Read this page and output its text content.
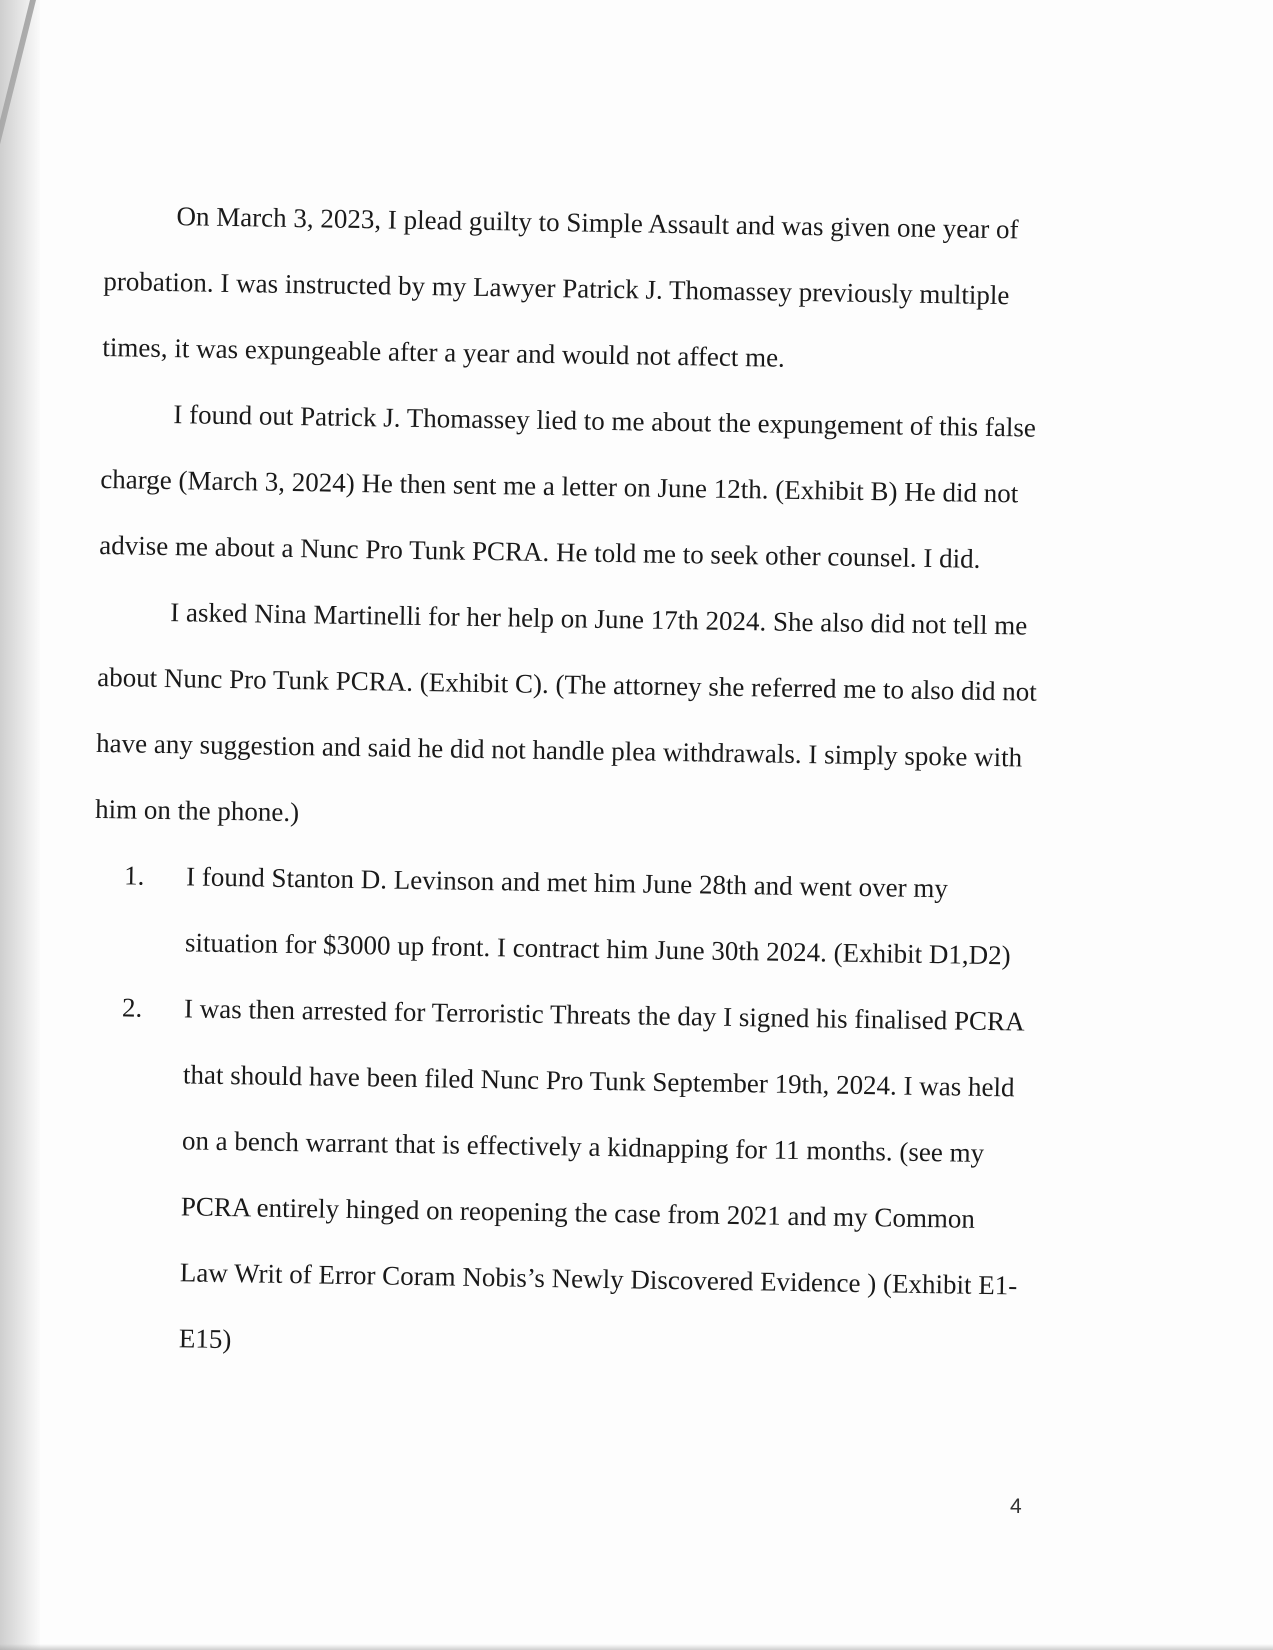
On March 3, 2023, I plead guilty to Simple Assault and was given one year of probation. I was instructed by my Lawyer Patrick J. Thomassey previously multiple times, it was expungeable after a year and would not affect me.

I found out Patrick J. Thomassey lied to me about the expungement of this false charge (March 3, 2024) He then sent me a letter on June 12th. (Exhibit B) He did not advise me about a Nunc Pro Tunk PCRA. He told me to seek other counsel. I did.

I asked Nina Martinelli for her help on June 17th 2024. She also did not tell me about Nunc Pro Tunk PCRA. (Exhibit C). (The attorney she referred me to also did not have any suggestion and said he did not handle plea withdrawals. I simply spoke with him on the phone.)

1. I found Stanton D. Levinson and met him June 28th and went over my situation for $3000 up front. I contract him June 30th 2024. (Exhibit D1,D2)
2. I was then arrested for Terroristic Threats the day I signed his finalised PCRA that should have been filed Nunc Pro Tunk September 19th, 2024. I was held on a bench warrant that is effectively a kidnapping for 11 months. (see my PCRA entirely hinged on reopening the case from 2021 and my Common Law Writ of Error Coram Nobis’s Newly Discovered Evidence ) (Exhibit E1-E15)
4
